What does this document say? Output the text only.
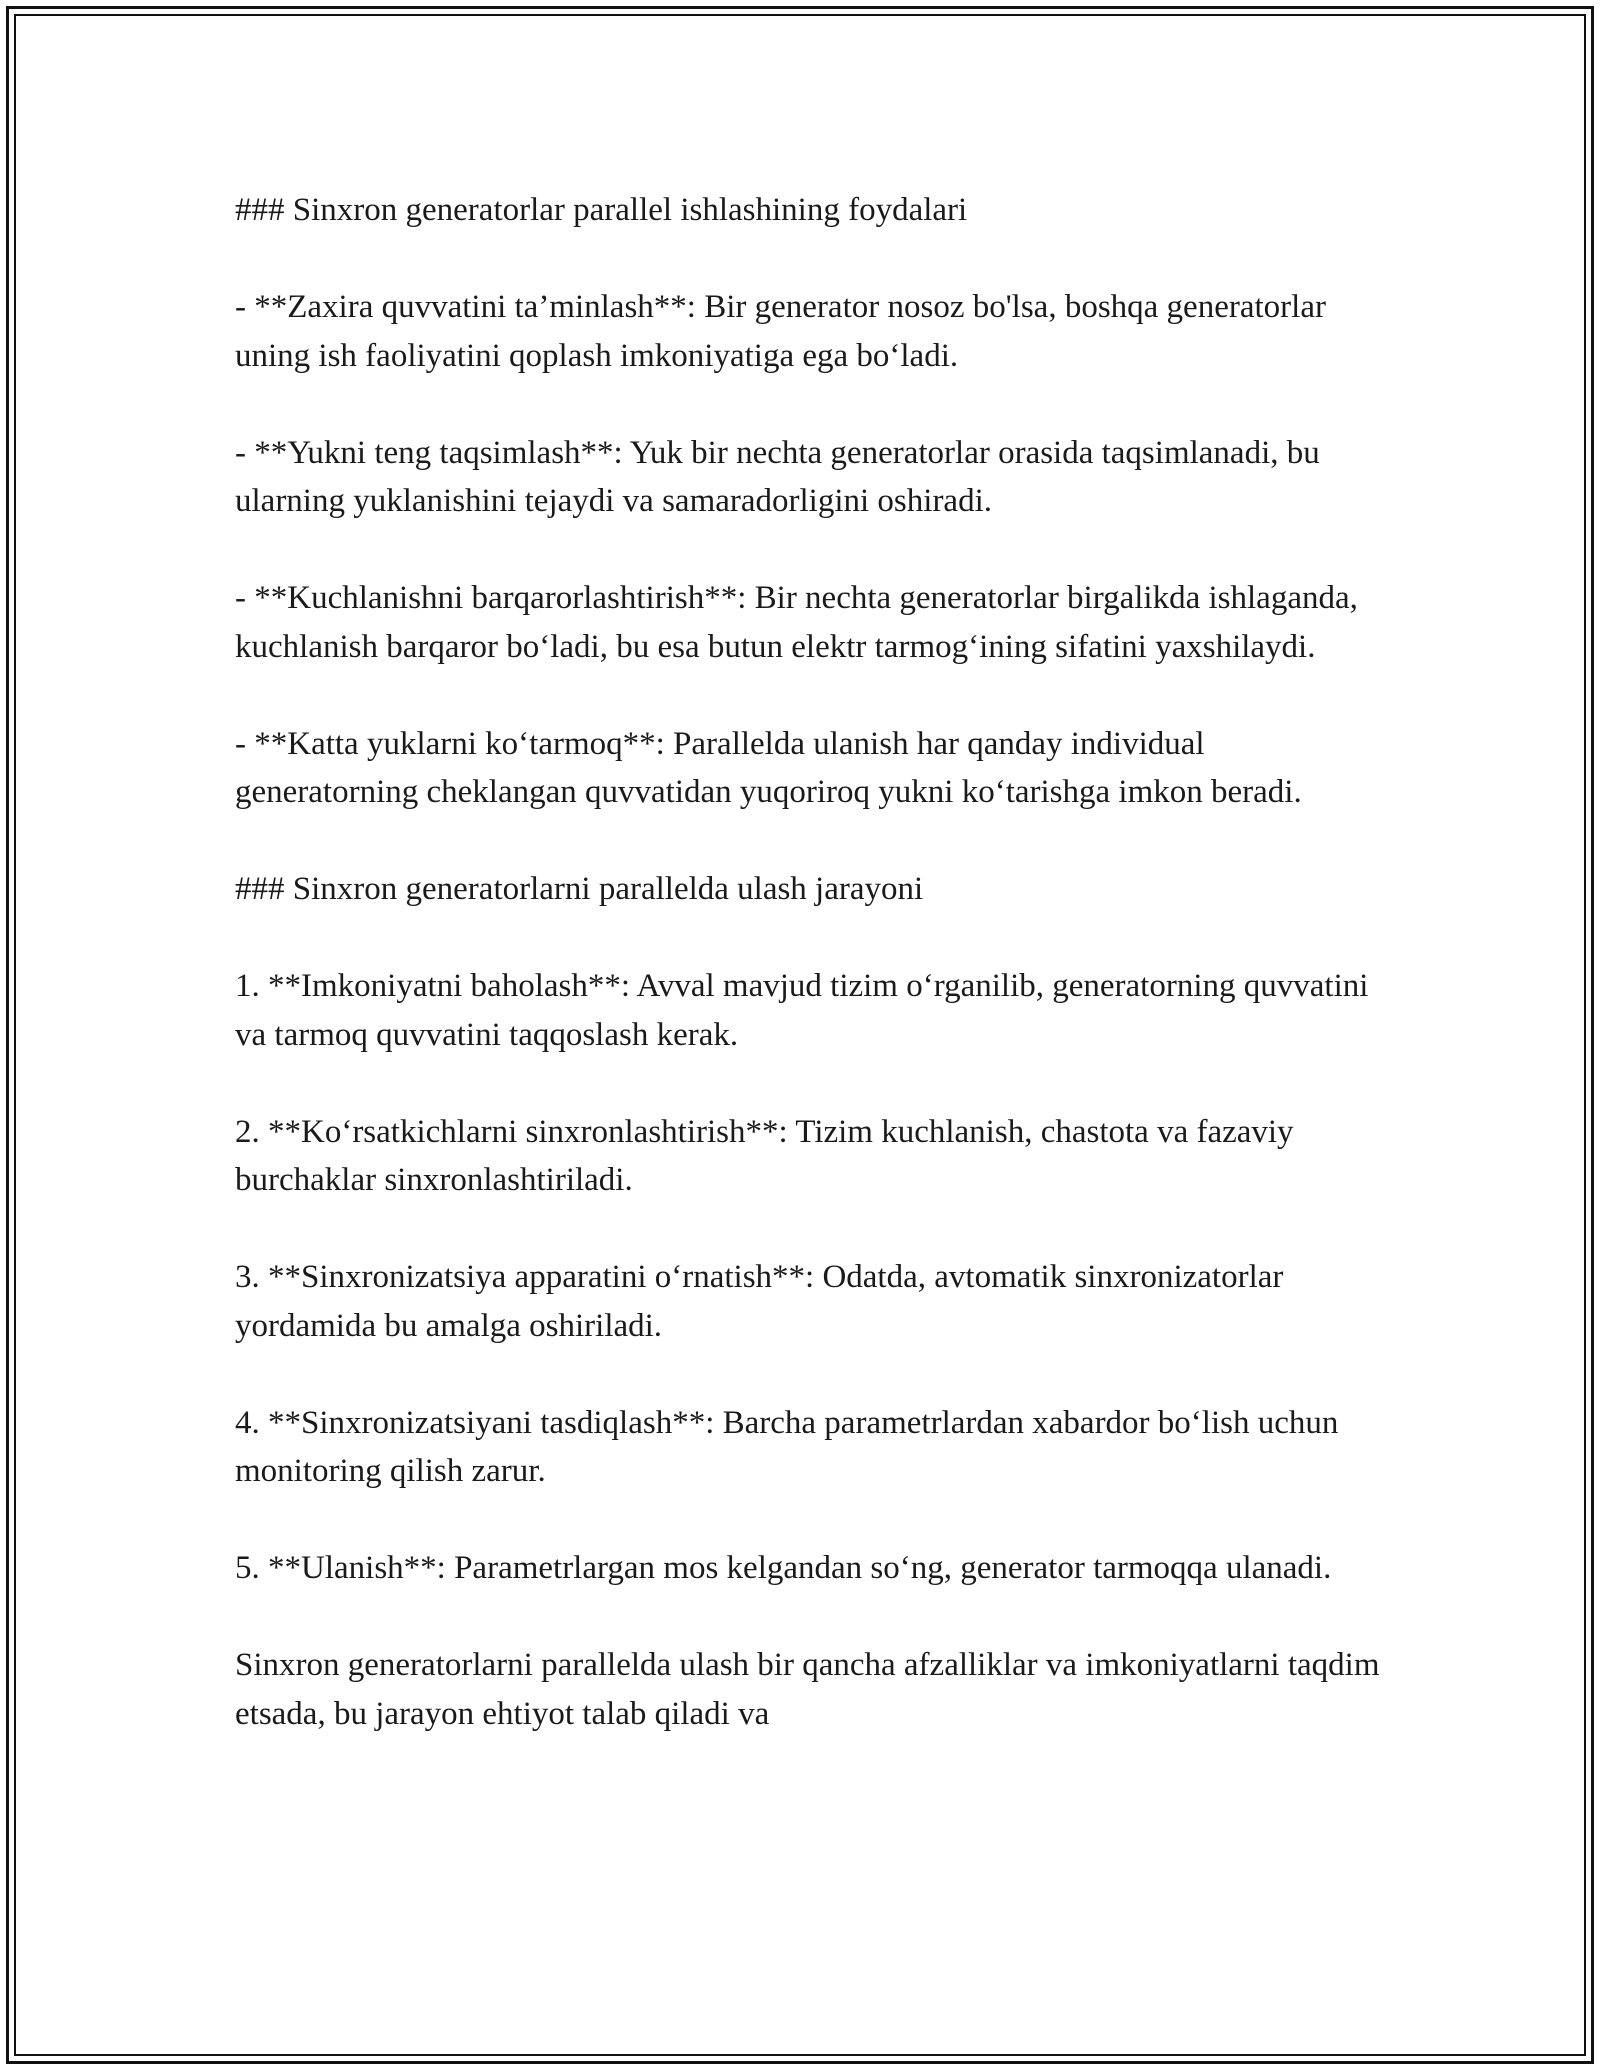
### Sinxron generatorlar parallel ishlashining foydalari

- **Zaxira quvvatini ta’minlash**: Bir generator nosoz bo'lsa, boshqa generatorlar uning ish faoliyatini qoplash imkoniyatiga ega bo‘ladi.

- **Yukni teng taqsimlash**: Yuk bir nechta generatorlar orasida taqsimlanadi, bu ularning yuklanishini tejaydi va samaradorligini oshiradi.

- **Kuchlanishni barqarorlashtirish**: Bir nechta generatorlar birgalikda ishlaganda, kuchlanish barqaror bo‘ladi, bu esa butun elektr tarmog‘ining sifatini yaxshilaydi.

- **Katta yuklarni ko‘tarmoq**: Parallelda ulanish har qanday individual generatorning cheklangan quvvatidan yuqoriroq yukni ko‘tarishga imkon beradi.

### Sinxron generatorlarni parallelda ulash jarayoni

1. **Imkoniyatni baholash**: Avval mavjud tizim o‘rganilib, generatorning quvvatini va tarmoq quvvatini taqqoslash kerak.

2. **Ko‘rsatkichlarni sinxronlashtirish**: Tizim kuchlanish, chastota va fazaviy burchaklar sinxronlashtiriladi.

3. **Sinxronizatsiya apparatini o‘rnatish**: Odatda, avtomatik sinxronizatorlar yordamida bu amalga oshiriladi.

4. **Sinxronizatsiyani tasdiqlash**: Barcha parametrlardan xabardor bo‘lish uchun monitoring qilish zarur.

5. **Ulanish**: Parametrlargan mos kelgandan so‘ng, generator tarmoqqa ulanadi.

Sinxron generatorlarni parallelda ulash bir qancha afzalliklar va imkoniyatlarni taqdim etsada, bu jarayon ehtiyot talab qiladi va
